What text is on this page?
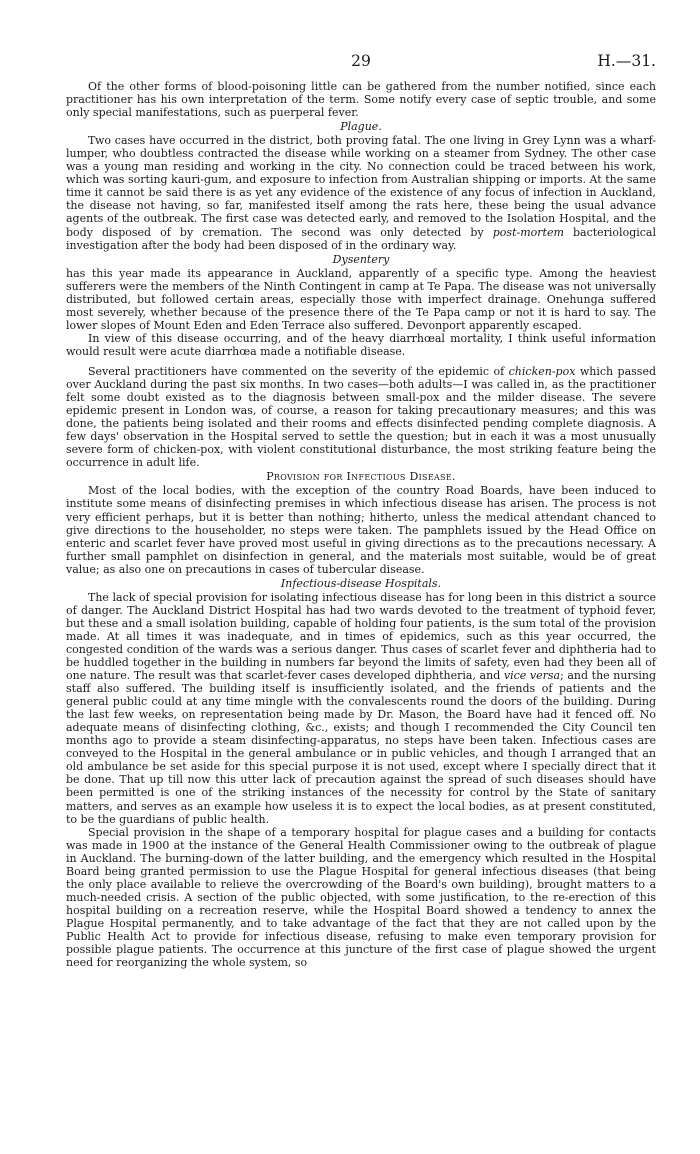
29	H.—31.

Of the other forms of blood-poisoning little can be gathered from the number notified, since each practitioner has his own interpretation of the term. Some notify every case of septic trouble, and some only special manifestations, such as puerperal fever.

Plague.

Two cases have occurred in the district, both proving fatal. The one living in Grey Lynn was a wharf-lumper, who doubtless contracted the disease while working on a steamer from Sydney. The other case was a young man residing and working in the city. No connection could be traced between his work, which was sorting kauri-gum, and exposure to infection from Australian shipping or imports. At the same time it cannot be said there is as yet any evidence of the existence of any focus of infection in Auckland, the disease not having, so far, manifested itself among the rats here, these being the usual advance agents of the outbreak. The first case was detected early, and removed to the Isolation Hospital, and the body disposed of by cremation. The second was only detected by post-mortem bacteriological investigation after the body had been disposed of in the ordinary way.

Dysentery

has this year made its appearance in Auckland, apparently of a specific type. Among the heaviest sufferers were the members of the Ninth Contingent in camp at Te Papa. The disease was not universally distributed, but followed certain areas, especially those with imperfect drainage. Onehunga suffered most severely, whether because of the presence there of the Te Papa camp or not it is hard to say. The lower slopes of Mount Eden and Eden Terrace also suffered. Devonport apparently escaped.

In view of this disease occurring, and of the heavy diarrhœal mortality, I think useful information would result were acute diarrhœa made a notifiable disease.

Several practitioners have commented on the severity of the epidemic of chicken-pox which passed over Auckland during the past six months. In two cases—both adults—I was called in, as the practitioner felt some doubt existed as to the diagnosis between small-pox and the milder disease. The severe epidemic present in London was, of course, a reason for taking precautionary measures; and this was done, the patients being isolated and their rooms and effects disinfected pending complete diagnosis. A few days' observation in the Hospital served to settle the question; but in each it was a most unusually severe form of chicken-pox, with violent constitutional disturbance, the most striking feature being the occurrence in adult life.

Provision for Infectious Disease.

Most of the local bodies, with the exception of the country Road Boards, have been induced to institute some means of disinfecting premises in which infectious disease has arisen. The process is not very efficient perhaps, but it is better than nothing; hitherto, unless the medical attendant chanced to give directions to the householder, no steps were taken. The pamphlets issued by the Head Office on enteric and scarlet fever have proved most useful in giving directions as to the precautions necessary. A further small pamphlet on disinfection in general, and the materials most suitable, would be of great value; as also one on precautions in cases of tubercular disease.

Infectious-disease Hospitals.

The lack of special provision for isolating infectious disease has for long been in this district a source of danger. The Auckland District Hospital has had two wards devoted to the treatment of typhoid fever, but these and a small isolation building, capable of holding four patients, is the sum total of the provision made. At all times it was inadequate, and in times of epidemics, such as this year occurred, the congested condition of the wards was a serious danger. Thus cases of scarlet fever and diphtheria had to be huddled together in the building in numbers far beyond the limits of safety, even had they been all of one nature. The result was that scarlet-fever cases developed diphtheria, and vice versa; and the nursing staff also suffered. The building itself is insufficiently isolated, and the friends of patients and the general public could at any time mingle with the convalescents round the doors of the building. During the last few weeks, on representation being made by Dr. Mason, the Board have had it fenced off. No adequate means of disinfecting clothing, &c., exists; and though I recommended the City Council ten months ago to provide a steam disinfecting-apparatus, no steps have been taken. Infectious cases are conveyed to the Hospital in the general ambulance or in public vehicles, and though I arranged that an old ambulance be set aside for this special purpose it is not used, except where I specially direct that it be done. That up till now this utter lack of precaution against the spread of such diseases should have been permitted is one of the striking instances of the necessity for control by the State of sanitary matters, and serves as an example how useless it is to expect the local bodies, as at present constituted, to be the guardians of public health.

Special provision in the shape of a temporary hospital for plague cases and a building for contacts was made in 1900 at the instance of the General Health Commissioner owing to the outbreak of plague in Auckland. The burning-down of the latter building, and the emergency which resulted in the Hospital Board being granted permission to use the Plague Hospital for general infectious diseases (that being the only place available to relieve the overcrowding of the Board's own building), brought matters to a much-needed crisis. A section of the public objected, with some justification, to the re-erection of this hospital building on a recreation reserve, while the Hospital Board showed a tendency to annex the Plague Hospital permanently, and to take advantage of the fact that they are not called upon by the Public Health Act to provide for infectious disease, refusing to make even temporary provision for possible plague patients. The occurrence at this juncture of the first case of plague showed the urgent need for reorganizing the whole system, so
